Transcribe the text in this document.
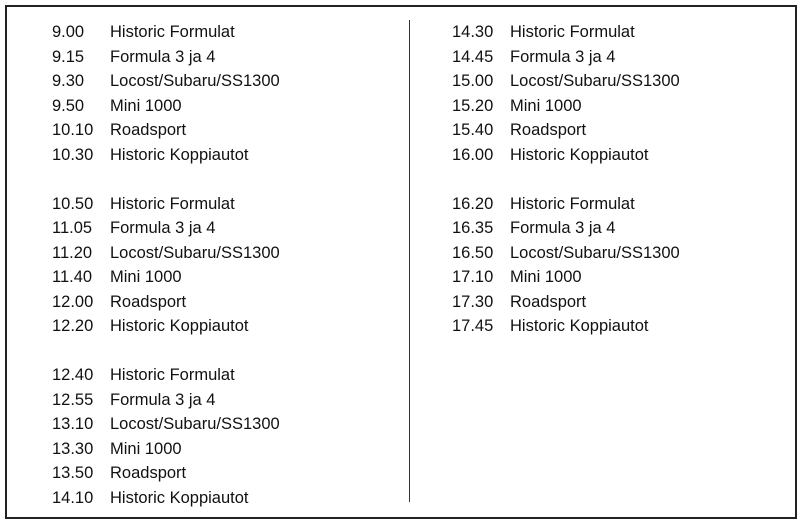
9.00	Historic Formulat
9.15	Formula 3 ja 4
9.30	Locost/Subaru/SS1300
9.50	Mini 1000
10.10	Roadsport
10.30	Historic Koppiautot
10.50	Historic Formulat
11.05	Formula 3 ja 4
11.20	Locost/Subaru/SS1300
11.40	Mini 1000
12.00	Roadsport
12.20	Historic Koppiautot
12.40	Historic Formulat
12.55	Formula 3 ja 4
13.10	Locost/Subaru/SS1300
13.30	Mini 1000
13.50	Roadsport
14.10	Historic Koppiautot
14.30	Historic Formulat
14.45	Formula 3 ja 4
15.00	Locost/Subaru/SS1300
15.20	Mini 1000
15.40	Roadsport
16.00	Historic Koppiautot
16.20	Historic Formulat
16.35	Formula 3 ja 4
16.50	Locost/Subaru/SS1300
17.10	Mini 1000
17.30	Roadsport
17.45	Historic Koppiautot
